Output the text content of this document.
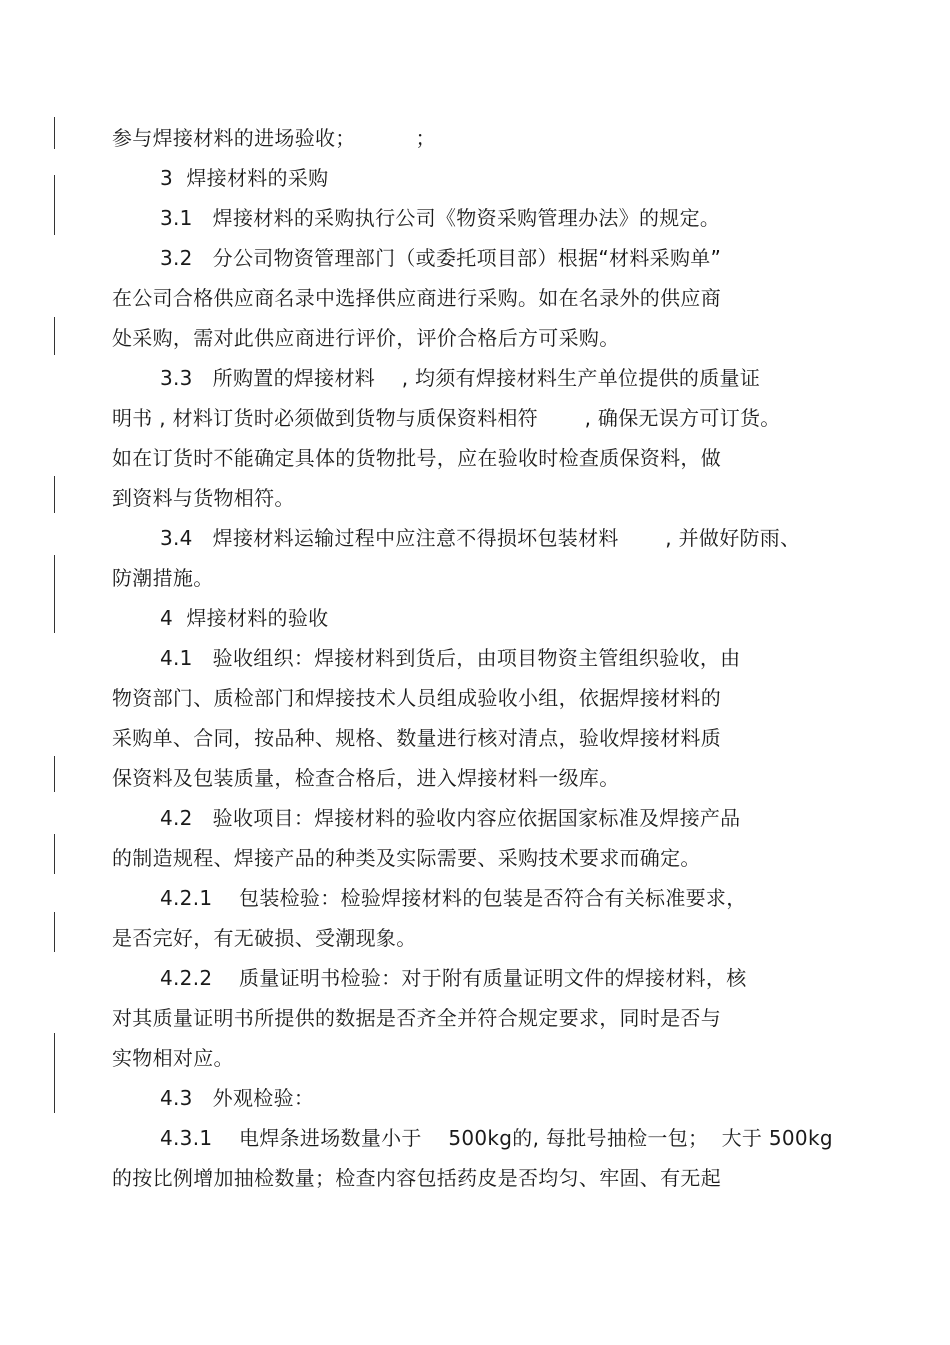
参与焊接材料的进场验收；         ；
3  焊接材料的采购
3.1   焊接材料的采购执行公司《物资采购管理办法》的规定。
3.2   分公司物资管理部门（或委托项目部）根据“材料采购单”
在公司合格供应商名录中选择供应商进行采购。如在名录外的供应商
处采购，需对此供应商进行评价，评价合格后方可采购。
3.3   所购置的焊接材料    , 均须有焊接材料生产单位提供的质量证
明书 , 材料订货时必须做到货物与质保资料相符       , 确保无误方可订货。
如在订货时不能确定具体的货物批号，应在验收时检查质保资料，做
到资料与货物相符。
3.4   焊接材料运输过程中应注意不得损坏包装材料       , 并做好防雨、
防潮措施。
4  焊接材料的验收
4.1   验收组织：焊接材料到货后，由项目物资主管组织验收，由
物资部门、质检部门和焊接技术人员组成验收小组，依据焊接材料的
采购单、合同，按品种、规格、数量进行核对清点，验收焊接材料质
保资料及包装质量，检查合格后，进入焊接材料一级库。
4.2   验收项目：焊接材料的验收内容应依据国家标准及焊接产品
的制造规程、焊接产品的种类及实际需要、采购技术要求而确定。
4.2.1    包装检验：检验焊接材料的包装是否符合有关标准要求，
是否完好，有无破损、受潮现象。
4.2.2    质量证明书检验：对于附有质量证明文件的焊接材料，核
对其质量证明书所提供的数据是否齐全并符合规定要求，同时是否与
实物相对应。
4.3   外观检验：
4.3.1    电焊条进场数量小于    500kg的, 每批号抽检一包；  大于 500kg
的按比例增加抽检数量；检查内容包括药皮是否均匀、牢固、有无起
